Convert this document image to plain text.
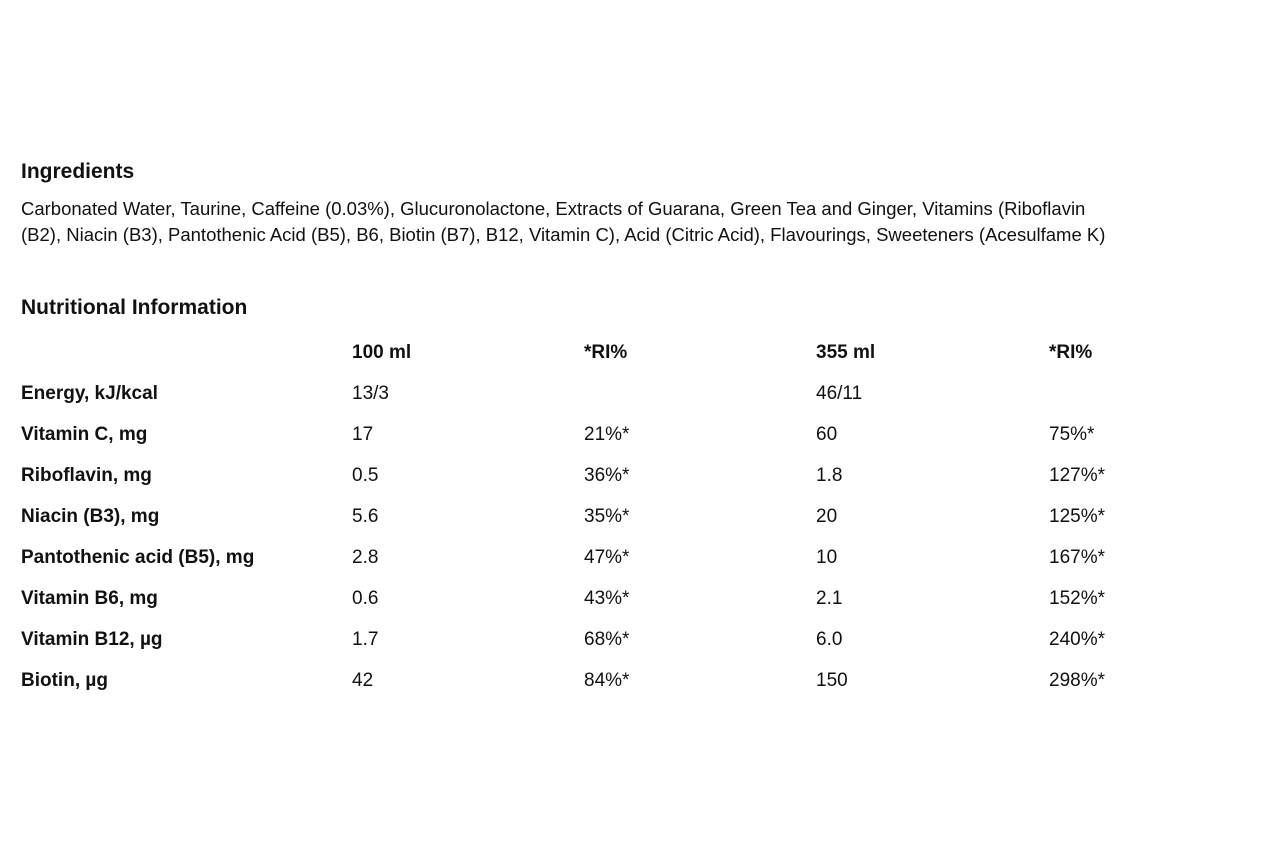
Ingredients

Carbonated Water, Taurine, Caffeine (0.03%), Glucuronolactone, Extracts of Guarana, Green Tea and Ginger, Vitamins (Riboflavin
(B2), Niacin (B3), Pantothenic Acid (B5), B6, Biotin (B7), B12, Vitamin C), Acid (Citric Acid), Flavourings, Sweeteners (Acesulfame K)

Nutritional Information
	100 ml	*RI%	355 ml	*RI%
Energy, kJ/kcal	13/3		46/11	
Vitamin C, mg	17	21%*	60	75%*
Riboflavin, mg	0.5	36%*	1.8	127%*
Niacin (B3), mg	5.6	35%*	20	125%*
Pantothenic acid (B5), mg	2.8	47%*	10	167%*
Vitamin B6, mg	0.6	43%*	2.1	152%*
Vitamin B12, µg	1.7	68%*	6.0	240%*
Biotin, µg	42	84%*	150	298%*
